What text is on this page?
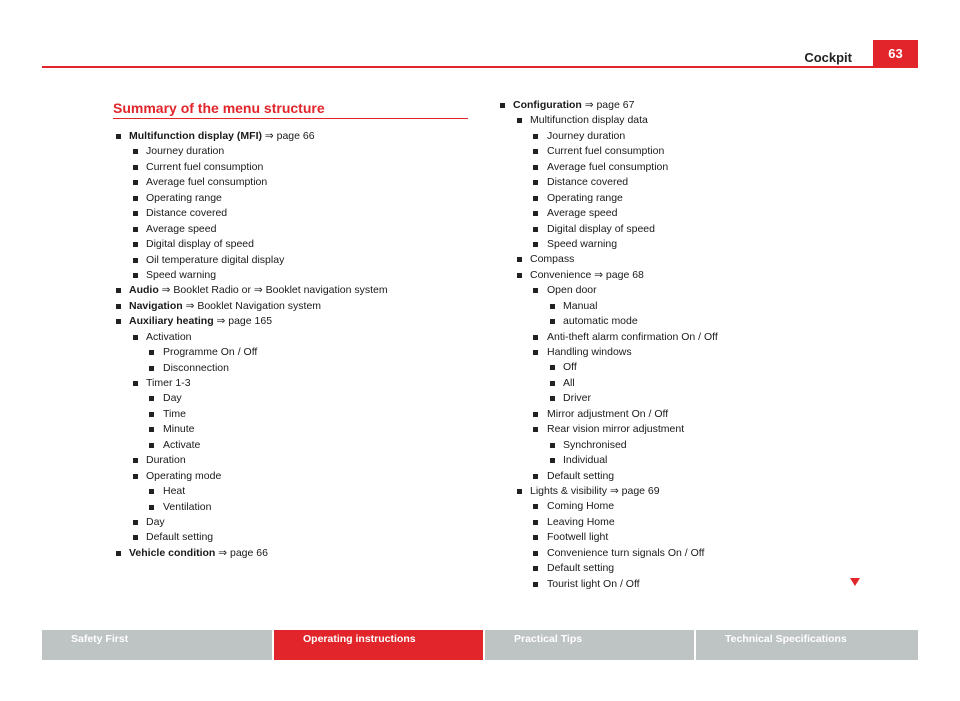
Cockpit	63
Summary of the menu structure
Multifunction display (MFI) ⇒ page 66
Journey duration
Current fuel consumption
Average fuel consumption
Operating range
Distance covered
Average speed
Digital display of speed
Oil temperature digital display
Speed warning
Audio ⇒ Booklet Radio or ⇒ Booklet navigation system
Navigation ⇒ Booklet Navigation system
Auxiliary heating ⇒ page 165
Activation
Programme On / Off
Disconnection
Timer 1-3
Day
Time
Minute
Activate
Duration
Operating mode
Heat
Ventilation
Day
Default setting
Vehicle condition ⇒ page 66
Configuration ⇒ page 67
Multifunction display data
Journey duration
Current fuel consumption
Average fuel consumption
Distance covered
Operating range
Average speed
Digital display of speed
Speed warning
Compass
Convenience ⇒ page 68
Open door
Manual
automatic mode
Anti-theft alarm confirmation On / Off
Handling windows
Off
All
Driver
Mirror adjustment On / Off
Rear vision mirror adjustment
Synchronised
Individual
Default setting
Lights & visibility ⇒ page 69
Coming Home
Leaving Home
Footwell light
Convenience turn signals On / Off
Default setting
Tourist light On / Off
Safety First	Operating instructions	Practical Tips	Technical Specifications
